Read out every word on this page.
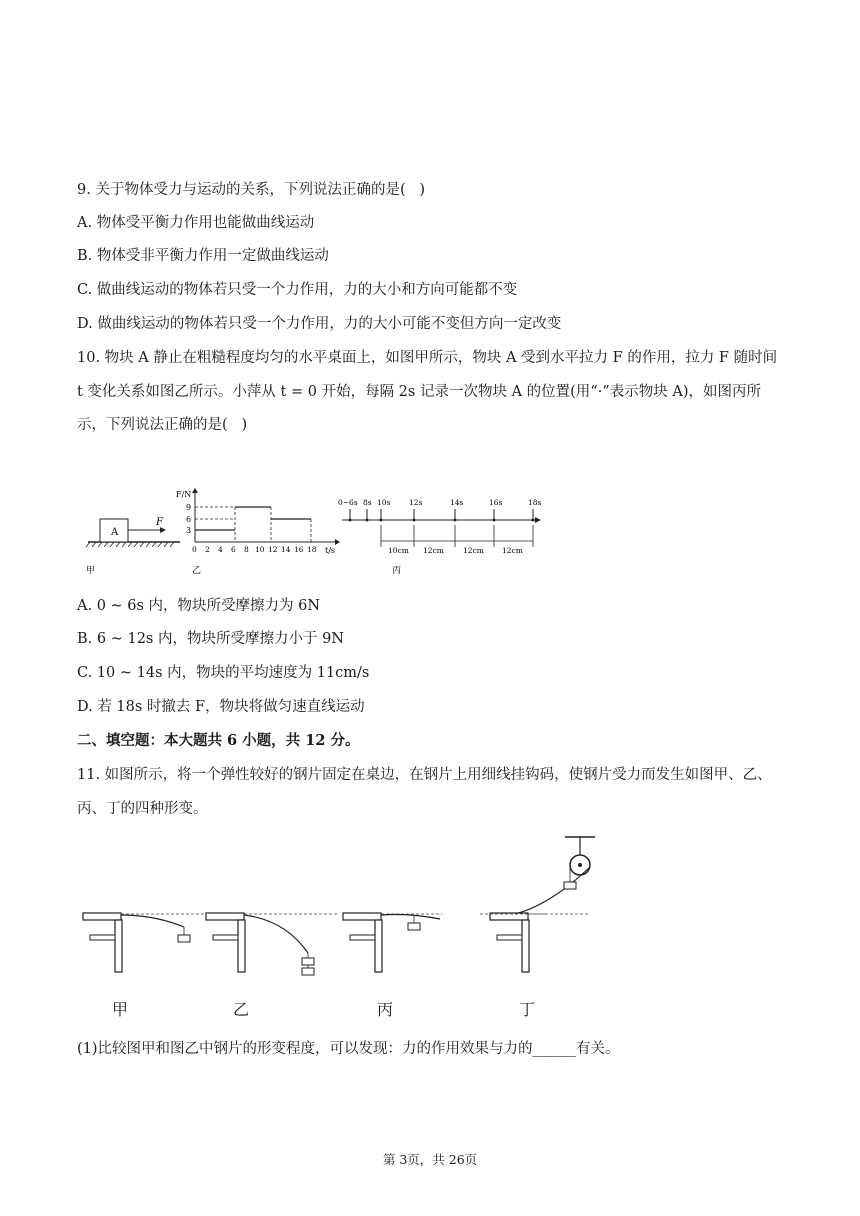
9. 关于物体受力与运动的关系，下列说法正确的是(   )
A. 物体受平衡力作用也能做曲线运动
B. 物体受非平衡力作用一定做曲线运动
C. 做曲线运动的物体若只受一个力作用，力的大小和方向可能都不变
D. 做曲线运动的物体若只受一个力作用，力的大小可能不变但方向一定改变
10. 物块 A 静止在粗糙程度均匀的水平桌面上，如图甲所示，物块 A 受到水平拉力 F 的作用，拉力 F 随时间
t 变化关系如图乙所示。小萍从 t = 0 开始，每隔 2s 记录一次物块 A 的位置(用“·”表示物块 A)，如图丙所
示，下列说法正确的是(   )
A
F
F/N
t/s
9
6
3
0 2 4 6 8 10 12 14 16 18
0~6s 8s 10s 12s	14s	16s	18s
10cm 12cm	12cm 12cm
甲	乙	丙
A. 0 ~ 6s 内，物块所受摩擦力为 6N
B. 6 ~ 12s 内，物块所受摩擦力小于 9N
C. 10 ~ 14s 内，物块的平均速度为 11cm/s
D. 若 18s 时撤去 F，物块将做匀速直线运动
二、填空题：本大题共 6 小题，共 12 分。
11. 如图所示，将一个弹性较好的钢片固定在桌边，在钢片上用细线挂钩码，使钢片受力而发生如图甲、乙、
丙、丁的四种形变。
甲	乙	丙	丁
(1)比较图甲和图乙中钢片的形变程度，可以发现：力的作用效果与力的______有关。
第 3页，共 26页
